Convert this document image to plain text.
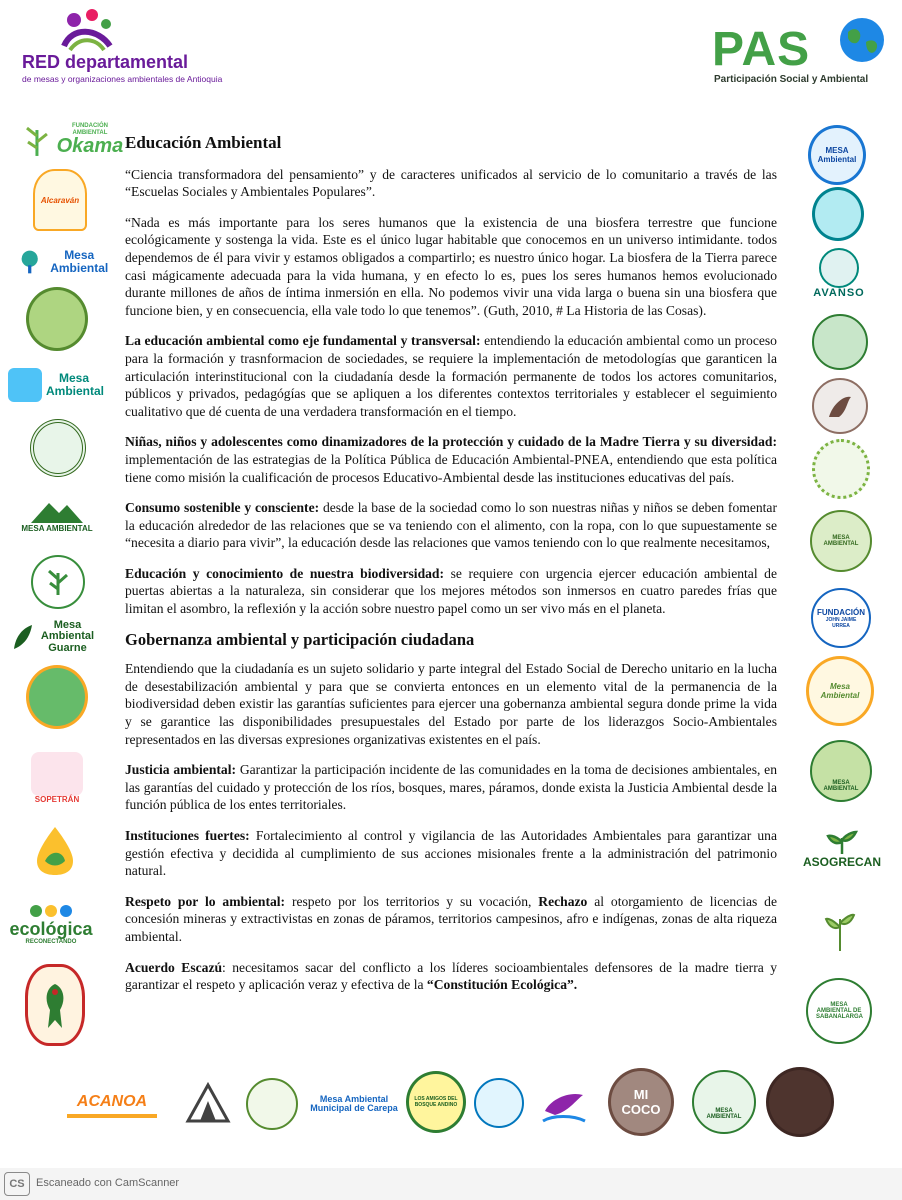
RED departamental
de mesas y organizaciones ambientales de Antioquia
PAS
Participación Social y Ambiental
FUNDACIÓN AMBIENTAL
Okama
Alcaraván
Mesa Ambiental
Mesa Ambiental
MESA AMBIENTAL
Mesa Ambiental Guarne
SOPETRÁN
ecológica
RECONECTANDO
MESA Ambiental
AVANSO
MESA AMBIENTAL
FUNDACIÓN
JOHN JAIME URREA
Mesa Ambiental
MESA AMBIENTAL
ASOGRECAN
MESA AMBIENTAL DE SABANALARGA
Educación Ambiental

“Ciencia transformadora del pensamiento” y de caracteres unificados al servicio de lo comunitario a través de las “Escuelas Sociales y Ambientales Populares”.

“Nada es más importante para los seres humanos que la existencia de una biosfera terrestre que funcione ecológicamente y sostenga la vida. Este es el único lugar habitable que conocemos en un universo intimidante. todos dependemos de él para vivir y estamos obligados a compartirlo; es nuestro único hogar. La biosfera de la Tierra parece casi mágicamente adecuada para la vida humana, y en efecto lo es, pues los seres humanos hemos evolucionado durante millones de años de íntima inmersión en ella. No podemos vivir una vida larga o buena sin una biosfera que funcione bien, y en consecuencia, ella vale todo lo que tenemos”. (Guth, 2010, # La Historia de las Cosas).

La educación ambiental como eje fundamental y transversal: entendiendo la educación ambiental como un proceso para la formación y trasnformacion de sociedades, se requiere la implementación de metodologías que garanticen la articulación interinstitucional con la ciudadanía desde la formación permanente de todos los actores comunitarios, públicos y privados, pedagógías que se apliquen a los diferentes contextos territoriales y establecer el seguimiento cualitativo que dé cuenta de una verdadera transformación en el tiempo.

Niñas, niños y adolescentes como dinamizadores de la protección y cuidado de la Madre Tierra y su diversidad: implementación de las estrategias de la Política Pública de Educación Ambiental-PNEA, entendiendo que esta política tiene como misión la cualificación de procesos Educativo-Ambiental desde las instituciones educativas del país.

Consumo sostenible y consciente: desde la base de la sociedad como lo son nuestras niñas y niños se deben fomentar la educación alrededor de las relaciones que se va teniendo con el alimento, con la ropa, con lo que supuestamente se “necesita a diario para vivir”, la educación desde las relaciones que vamos teniendo con lo que realmente necesitamos,

Educación y conocimiento de nuestra biodiversidad: se requiere con urgencia ejercer educación ambiental de puertas abiertas a la naturaleza, sin considerar que los mejores métodos son inmersos en cuatro paredes frías que limitan el asombro, la reflexión y la acción sobre nuestro papel como un ser vivo más en el planeta.

Gobernanza ambiental y participación ciudadana

Entendiendo que la ciudadanía es un sujeto solidario y parte integral del Estado Social de Derecho unitario en la lucha de desestabilización ambiental y para que se convierta entonces en un elemento vital de la permanencia de la biodiversidad deben existir las garantías suficientes para ejercer una gobernanza ambiental segura donde prime la vida y se garantice las disponibilidades presupuestales del Estado por parte de los liderazgos Socio-Ambientales representados en las diversas expresiones organizativas existentes en el país.

Justicia ambiental: Garantizar la participación incidente de las comunidades en la toma de decisiones ambientales, en las garantías del cuidado y protección de los ríos, bosques, mares, páramos, donde exista la Justicia Ambiental desde la función pública de los entes territoriales.

Instituciones fuertes: Fortalecimiento al control y vigilancia de las Autoridades Ambientales para garantizar una gestión efectiva y decidida al cumplimiento de sus acciones misionales frente a la administración del patrimonio natural.

Respeto por lo ambiental: respeto por los territorios y su vocación, Rechazo al otorgamiento de licencias de concesión mineras y extractivistas en zonas de páramos, territorios campesinos, afro e indígenas, zonas de alta riqueza ambiental.

Acuerdo Escazú: necesitamos sacar del conflicto a los líderes socioambientales defensores de la madre tierra y garantizar el respeto y aplicación veraz y efectiva de la “Constitución Ecológica”.

ACANOA	Mesa Ambiental Municipal de Carepa
LOS AMIGOS DEL BOSQUE ANDINO
MI COCO	MESA AMBIENTAL
CS	Escaneado con CamScanner
